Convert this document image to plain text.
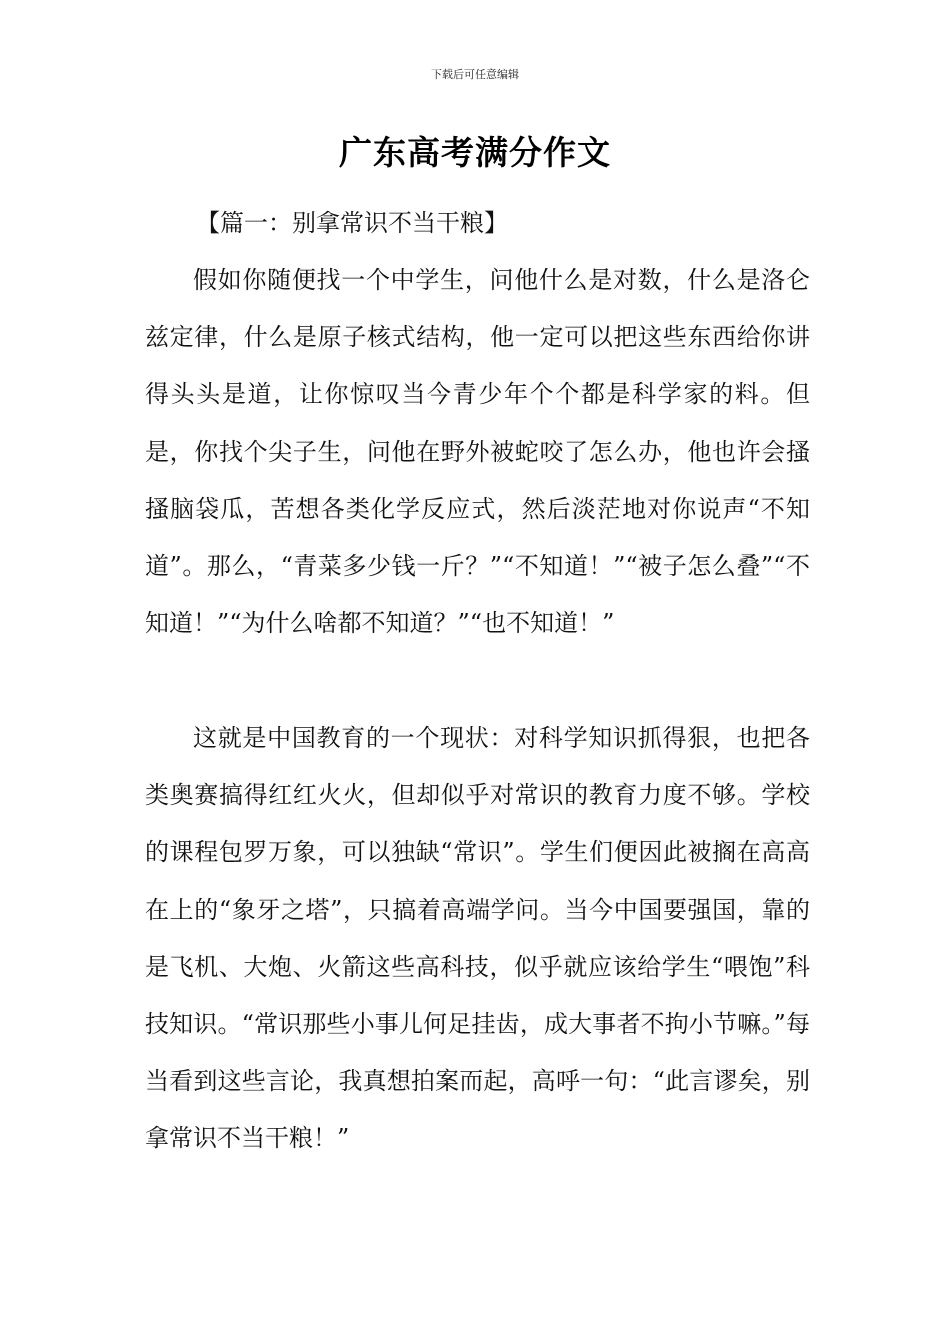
下载后可任意编辑
广东高考满分作文
【篇一：别拿常识不当干粮】

假如你随便找一个中学生，问他什么是对数，什么是洛仑兹定律，什么是原子核式结构，他一定可以把这些东西给你讲得头头是道，让你惊叹当今青少年个个都是科学家的料。但是，你找个尖子生，问他在野外被蛇咬了怎么办，他也许会搔搔脑袋瓜，苦想各类化学反应式，然后淡茫地对你说声“不知道”。那么，“青菜多少钱一斤？”“不知道！”“被子怎么叠”“不知道！”“为什么啥都不知道？”“也不知道！”

这就是中国教育的一个现状：对科学知识抓得狠，也把各类奥赛搞得红红火火，但却似乎对常识的教育力度不够。学校的课程包罗万象，可以独缺“常识”。学生们便因此被搁在高高在上的“象牙之塔”，只搞着高端学问。当今中国要强国，靠的是飞机、大炮、火箭这些高科技，似乎就应该给学生“喂饱”科技知识。“常识那些小事儿何足挂齿，成大事者不拘小节嘛。”每当看到这些言论，我真想拍案而起，高呼一句：“此言谬矣，别拿常识不当干粮！”
